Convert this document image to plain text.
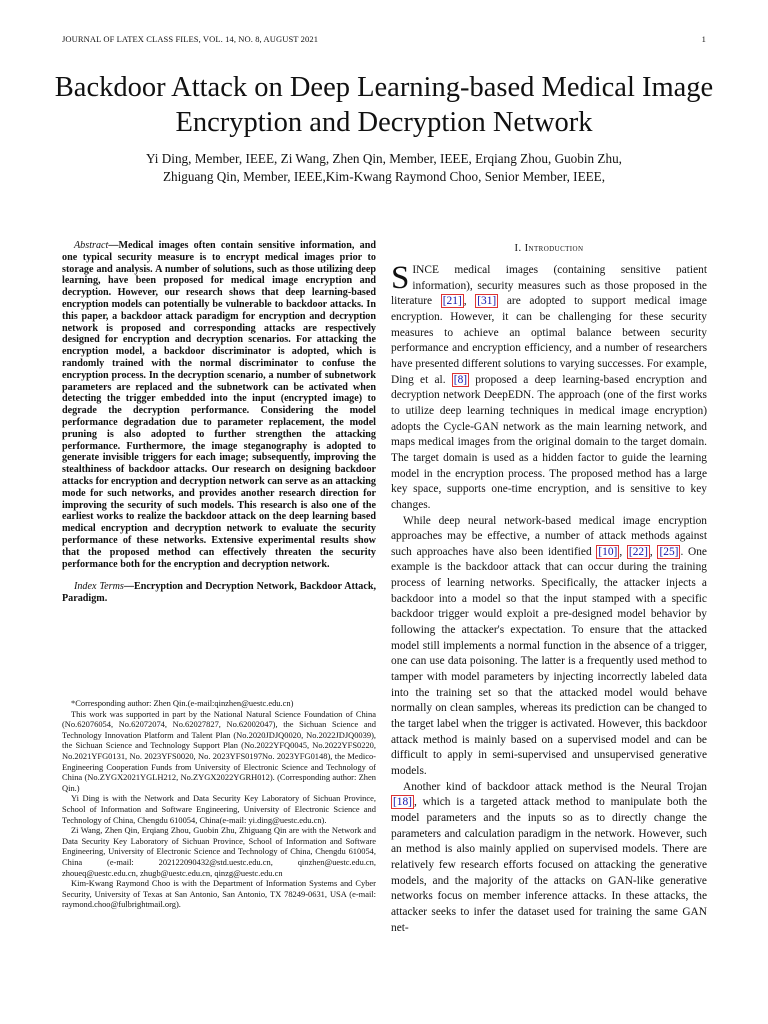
JOURNAL OF LATEX CLASS FILES, VOL. 14, NO. 8, AUGUST 2021	1
Backdoor Attack on Deep Learning-based Medical Image Encryption and Decryption Network
Yi Ding, Member, IEEE, Zi Wang, Zhen Qin, Member, IEEE, Erqiang Zhou, Guobin Zhu,
Zhiguang Qin, Member, IEEE,Kim-Kwang Raymond Choo, Senior Member, IEEE,

Abstract—Medical images often contain sensitive information, and one typical security measure is to encrypt medical images prior to storage and analysis. A number of solutions, such as those utilizing deep learning, have been proposed for medical image encryption and decryption. However, our research shows that deep learning-based encryption models can potentially be vulnerable to backdoor attacks. In this paper, a backdoor attack paradigm for encryption and decryption network is proposed and corresponding attacks are respectively designed for encryption and decryption scenarios. For attacking the encryption model, a backdoor discriminator is adopted, which is randomly trained with the normal discriminator to confuse the encryption process. In the decryption scenario, a number of subnetwork parameters are replaced and the subnetwork can be activated when detecting the trigger embedded into the input (encrypted image) to degrade the decryption performance. Considering the model performance degradation due to parameter replacement, the model pruning is also adopted to further strengthen the attacking performance. Furthermore, the image steganography is adopted to generate invisible triggers for each image; subsequently, improving the stealthiness of backdoor attacks. Our research on designing backdoor attacks for encryption and decryption network can serve as an attacking mode for such networks, and provides another research direction for improving the security of such models. This research is also one of the earliest works to realize the backdoor attack on the deep learning based medical encryption and decryption network to evaluate the security performance of these networks. Extensive experimental results show that the proposed method can effectively threaten the security performance both for the encryption and decryption network.

Index Terms—Encryption and Decryption Network, Backdoor Attack, Paradigm.

*Corresponding author: Zhen Qin.(e-mail:qinzhen@uestc.edu.cn)

This work was supported in part by the National Natural Science Foundation of China (No.62076054, No.62072074, No.62027827, No.62002047), the Sichuan Science and Technology Innovation Platform and Talent Plan (No.2020JDJQ0020, No.2022JDJQ0039), the Sichuan Science and Technology Support Plan (No.2022YFQ0045, No.2022YFS0220, No.2021YFG0131, No. 2023YFS0020, No. 2023YFS0197No. 2023YFG0148), the Medico-Engineering Cooperation Funds from University of Electronic Science and Technology of China (No.ZYGX2021YGLH212, No.ZYGX2022YGRH012). (Corresponding author: Zhen Qin.)

Yi Ding is with the Network and Data Security Key Laboratory of Sichuan Province, School of Information and Software Engineering, University of Electronic Science and Technology of China, Chengdu 610054, China(e-mail: yi.ding@uestc.edu.cn).

Zi Wang, Zhen Qin, Erqiang Zhou, Guobin Zhu, Zhiguang Qin are with the Network and Data Security Key Laboratory of Sichuan Province, School of Information and Software Engineering, University of Electronic Science and Technology of China, Chengdu 610054, China (e-mail: 202122090432@std.uestc.edu.cn, qinzhen@uestc.edu.cn, zhoueq@uestc.edu.cn, zhugb@uestc.edu.cn, qinzg@uestc.edu.cn

Kim-Kwang Raymond Choo is with the Department of Information Systems and Cyber Security, University of Texas at San Antonio, San Antonio, TX 78249-0631, USA (e-mail: raymond.choo@fulbrightmail.org).

I. Introduction

SINCE medical images (containing sensitive patient information), security measures such as those proposed in the literature [21] , [31] are adopted to support medical image encryption. However, it can be challenging for these security measures to achieve an optimal balance between security performance and encryption efficiency, and a number of researchers have presented different solutions to varying successes. For example, Ding et al. [8] proposed a deep learning-based encryption and decryption network DeepEDN. The approach (one of the first works to utilize deep learning techniques in medical image encryption) adopts the Cycle-GAN network as the main learning network, and maps medical images from the original domain to the target domain. The target domain is used as a hidden factor to guide the learning model in the encryption process. The proposed method has a large key space, supports one-time encryption, and is sensitive to key changes.

While deep neural network-based medical image encryption approaches may be effective, a number of attack methods against such approaches have also been identified [10] , [22] , [25] . One example is the backdoor attack that can occur during the training process of learning networks. Specifically, the attacker injects a backdoor into a model so that the input stamped with a specific backdoor trigger would exploit a pre-designed model behavior by following the attacker's expectation. To ensure that the attacked model still implements a normal function in the absence of a trigger, one can use data poisoning. The latter is a frequently used method to tamper with model parameters by injecting incorrectly labeled data into the training set so that the attacked model would behave normally on clean samples, whereas its prediction can be changed to the target label when the trigger is activated. However, this backdoor attack method is mainly based on a supervised model and can be difficult to apply in semi-supervised and unsupervised generative models.

Another kind of backdoor attack method is the Neural Trojan [18] , which is a targeted attack method to manipulate both the model parameters and the inputs so as to directly change the parameters and calculation paradigm in the network. However, such an method is also mainly applied on supervised models. There are relatively few research efforts focused on attacking the generative models, and the majority of the attacks on GAN-like generative networks focus on member inference attacks. In these attacks, the attacker seeks to infer the dataset used for training the same GAN net-
